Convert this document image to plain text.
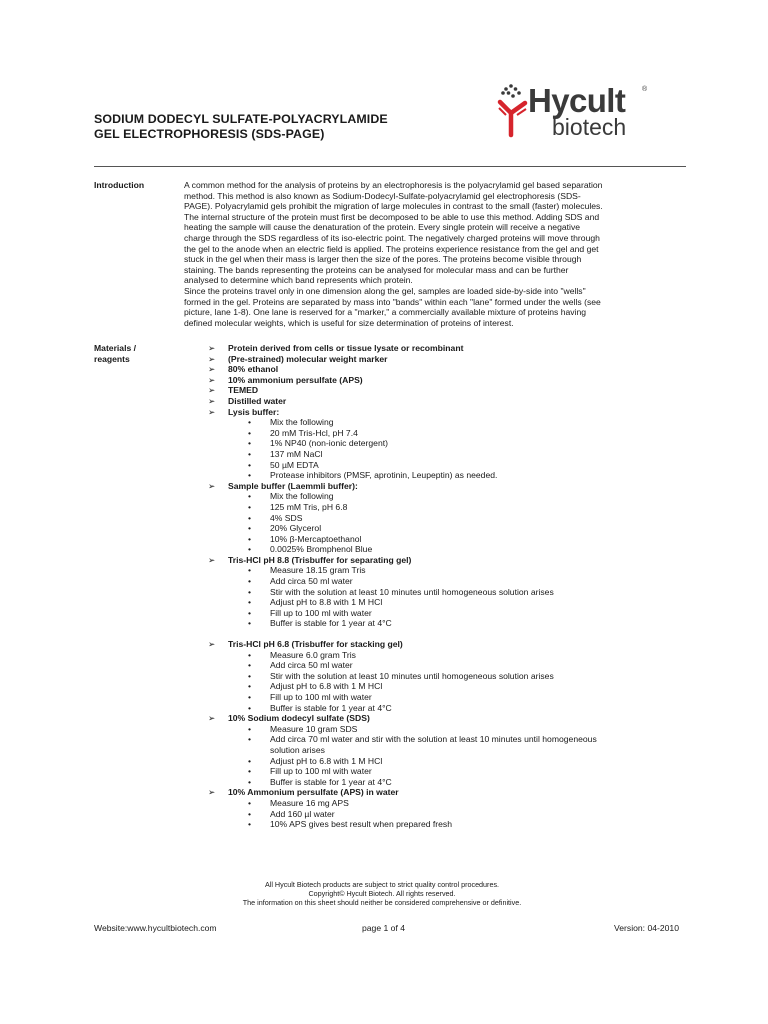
SODIUM DODECYL SULFATE-POLYACRYLAMIDE
GEL ELECTROPHORESIS (SDS-PAGE)
Hycult ®
biotech
Introduction	A common method for the analysis of proteins by an electrophoresis is the polyacrylamid gel based separation

method. This method is also known as Sodium-Dodecyl-Sulfate-polyacrylamid gel electrophoresis (SDS-

PAGE). Polyacrylamid gels prohibit the migration of large molecules in contrast to the small (faster) molecules.

The internal structure of the protein must first be decomposed to be able to use this method. Adding SDS and

heating the sample will cause the denaturation of the protein. Every single protein will receive a negative

charge through the SDS regardless of its iso-electric point. The negatively charged proteins will move through

the gel to the anode when an electric field is applied. The proteins experience resistance from the gel and get

stuck in the gel when their mass is larger then the size of the pores. The proteins become visible through

staining. The bands representing the proteins can be analysed for molecular mass and can be further

analysed to determine which band represents which protein.

Since the proteins travel only in one dimension along the gel, samples are loaded side-by-side into "wells"

formed in the gel. Proteins are separated by mass into "bands" within each "lane" formed under the wells (see

picture, lane 1-8). One lane is reserved for a "marker," a commercially available mixture of proteins having

defined molecular weights, which is useful for size determination of proteins of interest.

Materials /
reagents
➢ Protein derived from cells or tissue lysate or recombinant
➢ (Pre-strained) molecular weight marker
➢ 80% ethanol
➢ 10% ammonium persulfate (APS)
➢ TEMED
➢ Distilled water
➢ Lysis buffer:
• Mix the following
• 20 mM Tris-Hcl, pH 7.4
• 1% NP40 (non-ionic detergent)
• 137 mM NaCl
• 50 µM EDTA
• Protease inhibitors (PMSF, aprotinin, Leupeptin) as needed.
➢ Sample buffer (Laemmli buffer):
• Mix the following
• 125 mM Tris, pH 6.8
• 4% SDS
• 20% Glycerol
• 10% β-Mercaptoethanol
• 0.0025% Bromphenol Blue
➢ Tris-HCl pH 8.8 (Trisbuffer for separating gel)
• Measure 18.15 gram Tris
• Add circa 50 ml water
• Stir with the solution at least 10 minutes until homogeneous solution arises
• Adjust pH to 8.8 with 1 M HCl
• Fill up to 100 ml with water
• Buffer is stable for 1 year at 4°C
➢ Tris-HCl pH 6.8 (Trisbuffer for stacking gel)
• Measure 6.0 gram Tris
• Add circa 50 ml water
• Stir with the solution at least 10 minutes until homogeneous solution arises
• Adjust pH to 6.8 with 1 M HCl
• Fill up to 100 ml with water
• Buffer is stable for 1 year at 4°C
➢ 10% Sodium dodecyl sulfate (SDS)
• Measure 10 gram SDS
• Add circa 70 ml water and stir with the solution at least 10 minutes until homogeneous
solution arises
• Adjust pH to 6.8 with 1 M HCl
• Fill up to 100 ml with water
• Buffer is stable for 1 year at 4°C
➢ 10% Ammonium persulfate (APS) in water
• Measure 16 mg APS
• Add 160 µl water
• 10% APS gives best result when prepared fresh
All Hycult Biotech products are subject to strict quality control procedures.
Copyright© Hycult Biotech. All rights reserved.
The information on this sheet should neither be considered comprehensive or definitive.
Website:www.hycultbiotech.com	page 1 of 4	Version: 04-2010
